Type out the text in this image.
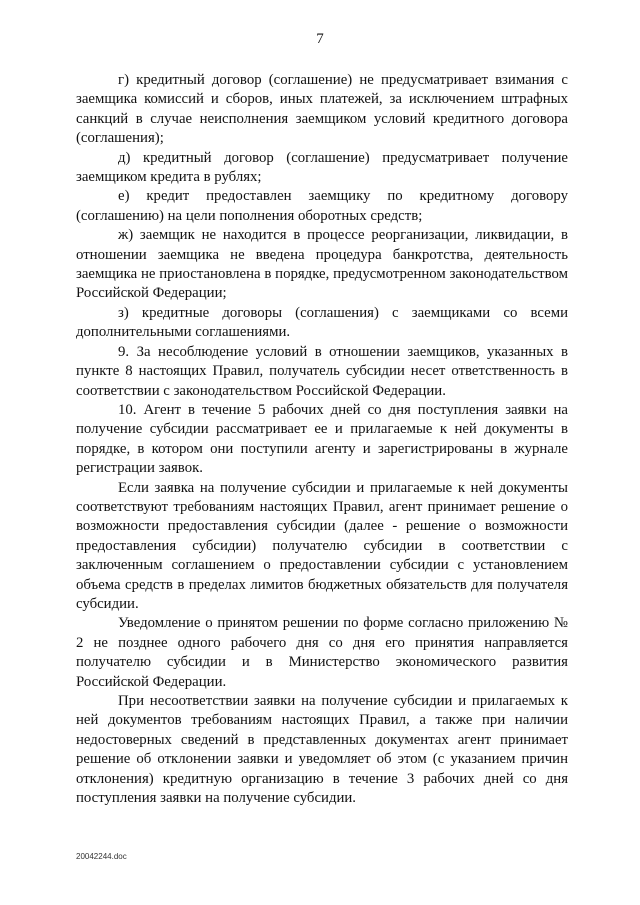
7

г) кредитный договор (соглашение) не предусматривает взимания с заемщика комиссий и сборов, иных платежей, за исключением штрафных санкций в случае неисполнения заемщиком условий кредитного договора (соглашения);

д) кредитный договор (соглашение) предусматривает получение заемщиком кредита в рублях;

е) кредит предоставлен заемщику по кредитному договору (соглашению) на цели пополнения оборотных средств;

ж) заемщик не находится в процессе реорганизации, ликвидации, в отношении заемщика не введена процедура банкротства, деятельность заемщика не приостановлена в порядке, предусмотренном законодательством Российской Федерации;

з) кредитные договоры (соглашения) с заемщиками со всеми дополнительными соглашениями.

9. За несоблюдение условий в отношении заемщиков, указанных в пункте 8 настоящих Правил, получатель субсидии несет ответственность в соответствии с законодательством Российской Федерации.

10. Агент в течение 5 рабочих дней со дня поступления заявки на получение субсидии рассматривает ее и прилагаемые к ней документы в порядке, в котором они поступили агенту и зарегистрированы в журнале регистрации заявок.

Если заявка на получение субсидии и прилагаемые к ней документы соответствуют требованиям настоящих Правил, агент принимает решение о возможности предоставления субсидии (далее - решение о возможности предоставления субсидии) получателю субсидии в соответствии с заключенным соглашением о предоставлении субсидии с установлением объема средств в пределах лимитов бюджетных обязательств для получателя субсидии.

Уведомление о принятом решении по форме согласно приложению № 2 не позднее одного рабочего дня со дня его принятия направляется получателю субсидии и в Министерство экономического развития Российской Федерации.

При несоответствии заявки на получение субсидии и прилагаемых к ней документов требованиям настоящих Правил, а также при наличии недостоверных сведений в представленных документах агент принимает решение об отклонении заявки и уведомляет об этом (с указанием причин отклонения) кредитную организацию в течение 3 рабочих дней со дня поступления заявки на получение субсидии.

20042244.doc
